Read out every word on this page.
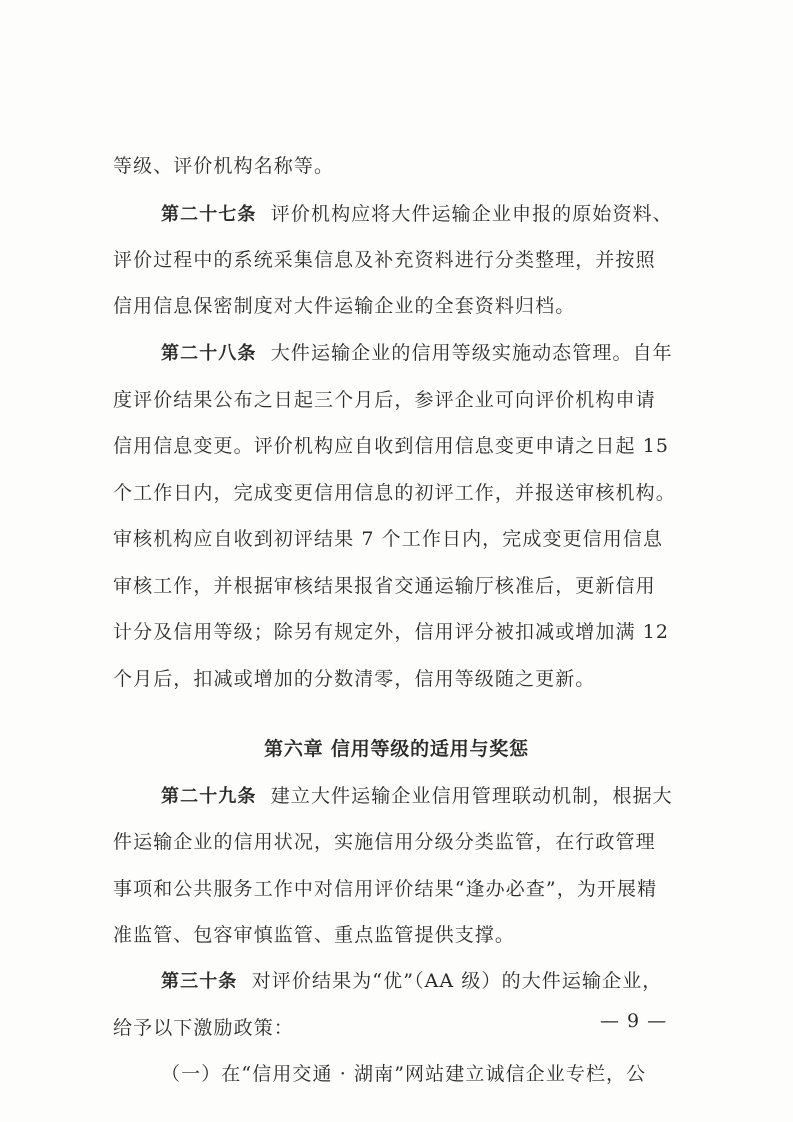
等级、评价机构名称等。
第二十七条 评价机构应将大件运输企业申报的原始资料、
评价过程中的系统采集信息及补充资料进行分类整理，并按照
信用信息保密制度对大件运输企业的全套资料归档。
第二十八条 大件运输企业的信用等级实施动态管理。自年
度评价结果公布之日起三个月后，参评企业可向评价机构申请
信用信息变更。评价机构应自收到信用信息变更申请之日起 15
个工作日内，完成变更信用信息的初评工作，并报送审核机构。
审核机构应自收到初评结果 7 个工作日内，完成变更信用信息
审核工作，并根据审核结果报省交通运输厅核准后，更新信用
计分及信用等级；除另有规定外，信用评分被扣减或增加满 12
个月后，扣减或增加的分数清零，信用等级随之更新。
第六章 信用等级的适用与奖惩
第二十九条 建立大件运输企业信用管理联动机制，根据大
件运输企业的信用状况，实施信用分级分类监管，在行政管理
事项和公共服务工作中对信用评价结果“逢办必查”，为开展精
准监管、包容审慎监管、重点监管提供支撑。
第三十条 对评价结果为“优”（AA 级）的大件运输企业，
给予以下激励政策：
（一）在“信用交通 · 湖南”网站建立诚信企业专栏，公
— 9 —
